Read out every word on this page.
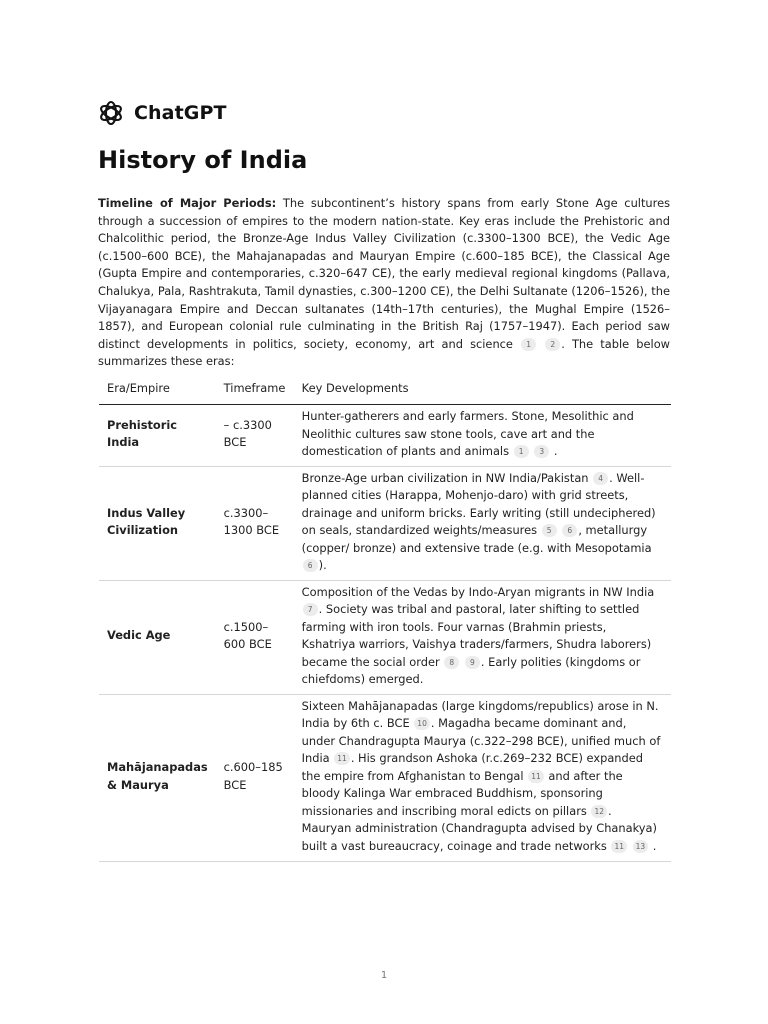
ChatGPT
History of India

Timeline of Major Periods: The subcontinent’s history spans from early Stone Age cultures through a succession of empires to the modern nation-state. Key eras include the Prehistoric and Chalcolithic period, the Bronze-Age Indus Valley Civilization (c.3300–1300 BCE), the Vedic Age (c.1500–600 BCE), the Mahajanapadas and Mauryan Empire (c.600–185 BCE), the Classical Age (Gupta Empire and contemporaries, c.320–647 CE), the early medieval regional kingdoms (Pallava, Chalukya, Pala, Rashtrakuta, Tamil dynasties, c.300–1200 CE), the Delhi Sultanate (1206–1526), the Vijayanagara Empire and Deccan sultanates (14th–17th centuries), the Mughal Empire (1526–1857), and European colonial rule culminating in the British Raj (1757–1947). Each period saw distinct developments in politics, society, economy, art and science 1	2 . The table below summarizes these eras:

Era/Empire	Timeframe	Key Developments
Prehistoric India	– c.3300 BCE	Hunter-gatherers and early farmers. Stone, Mesolithic and Neolithic cultures saw stone tools, cave art and the domestication of plants and animals 1 3 .
Indus Valley Civilization	c.3300–1300 BCE	Bronze-Age urban civilization in NW India/Pakistan 4 . Well-planned cities (Harappa, Mohenjo-daro) with grid streets, drainage and uniform bricks. Early writing (still undeciphered) on seals, standardized weights/measures 5 6 , metallurgy (copper/ bronze) and extensive trade (e.g. with Mesopotamia 6 ).
Vedic Age	c.1500–600 BCE	Composition of the Vedas by Indo-Aryan migrants in NW India 7 . Society was tribal and pastoral, later shifting to settled farming with iron tools. Four varnas (Brahmin priests, Kshatriya warriors, Vaishya traders/farmers, Shudra laborers) became the social order 8 9 . Early polities (kingdoms or chiefdoms) emerged.
Mahājanapadas & Maurya	c.600–185 BCE	Sixteen Mahājanapadas (large kingdoms/republics) arose in N. India by 6th c. BCE 10 . Magadha became dominant and, under Chandragupta Maurya (c.322–298 BCE), unified much of India 11 . His grandson Ashoka (r.c.269–232 BCE) expanded the empire from Afghanistan to Bengal 11 and after the bloody Kalinga War embraced Buddhism, sponsoring missionaries and inscribing moral edicts on pillars 12 . Mauryan administration (Chandragupta advised by Chanakya) built a vast bureaucracy, coinage and trade networks 11 13 .
1
